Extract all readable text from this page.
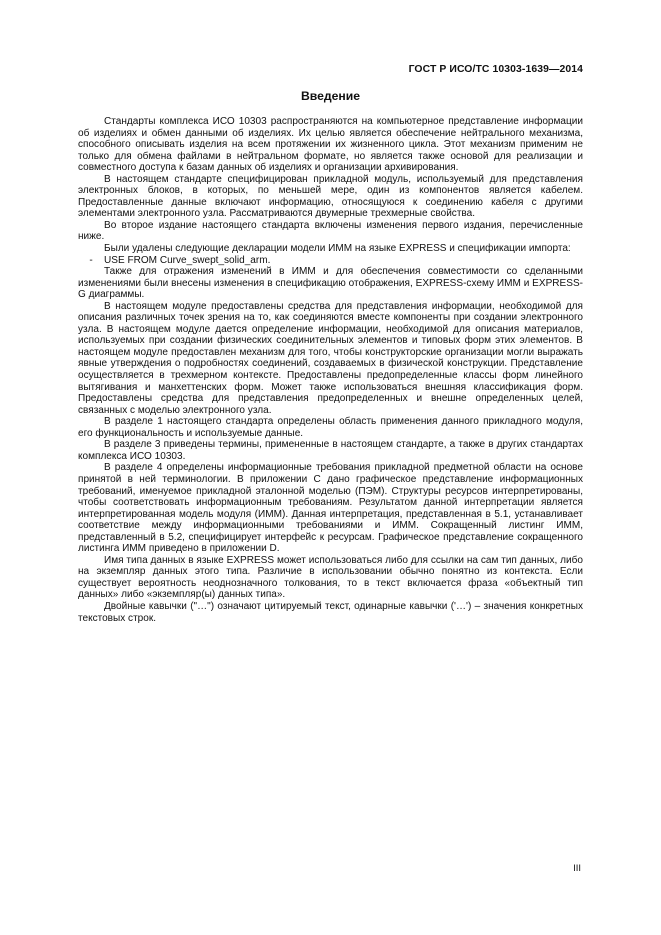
ГОСТ Р ИСО/ТС 10303-1639—2014
Введение

Стандарты комплекса ИСО 10303 распространяются на компьютерное представление информации об изделиях и обмен данными об изделиях. Их целью является обеспечение нейтрального механизма, способного описывать изделия на всем протяжении их жизненного цикла. Этот механизм применим не только для обмена файлами в нейтральном формате, но является также основой для реализации и совместного доступа к базам данных об изделиях и организации архивирования.

В настоящем стандарте специфицирован прикладной модуль, используемый для представления электронных блоков, в которых, по меньшей мере, один из компонентов является кабелем. Предоставленные данные включают информацию, относящуюся к соединению кабеля с другими элементами электронного узла. Рассматриваются двумерные трехмерные свойства.

Во второе издание настоящего стандарта включены изменения первого издания, перечисленные ниже.

Были удалены следующие декларации модели ИММ на языке EXPRESS и спецификации импорта:

- USE FROM Curve_swept_solid_arm.

Также для отражения изменений в ИММ и для обеспечения совместимости со сделанными изменениями были внесены изменения в спецификацию отображения, EXPRESS-схему ИММ и EXPRESS-G диаграммы.

В настоящем модуле предоставлены средства для представления информации, необходимой для описания различных точек зрения на то, как соединяются вместе компоненты при создании электронного узла. В настоящем модуле дается определение информации, необходимой для описания материалов, используемых при создании физических соединительных элементов и типовых форм этих элементов. В настоящем модуле предоставлен механизм для того, чтобы конструкторские организации могли выражать явные утверждения о подробностях соединений, создаваемых в физической конструкции. Представление осуществляется в трехмерном контексте. Предоставлены предопределенные классы форм линейного вытягивания и манхеттенских форм. Может также использоваться внешняя классификация форм. Предоставлены средства для представления предопределенных и внешне определенных целей, связанных с моделью электронного узла.

В разделе 1 настоящего стандарта определены область применения данного прикладного модуля, его функциональность и используемые данные.

В разделе 3 приведены термины, примененные в настоящем стандарте, а также в других стандартах комплекса ИСО 10303.

В разделе 4 определены информационные требования прикладной предметной области на основе принятой в ней терминологии. В приложении C дано графическое представление информационных требований, именуемое прикладной эталонной моделью (ПЭМ). Структуры ресурсов интерпретированы, чтобы соответствовать информационным требованиям. Результатом данной интерпретации является интерпретированная модель модуля (ИММ). Данная интерпретация, представленная в 5.1, устанавливает соответствие между информационными требованиями и ИММ. Сокращенный листинг ИММ, представленный в 5.2, специфицирует интерфейс к ресурсам. Графическое представление сокращенного листинга ИММ приведено в приложении D.

Имя типа данных в языке EXPRESS может использоваться либо для ссылки на сам тип данных, либо на экземпляр данных этого типа. Различие в использовании обычно понятно из контекста. Если существует вероятность неоднозначного толкования, то в текст включается фраза «объектный тип данных» либо «экземпляр(ы) данных типа».

Двойные кавычки ("…") означают цитируемый текст, одинарные кавычки ('…') – значения конкретных текстовых строк.

III
